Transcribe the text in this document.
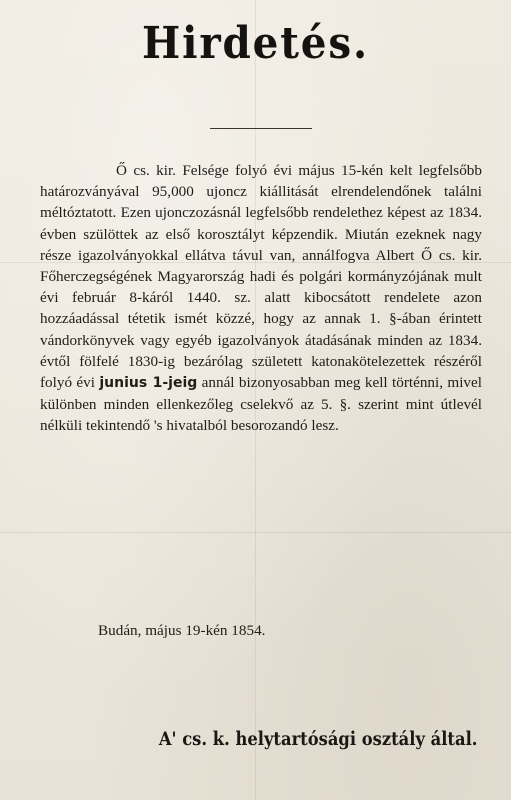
Hirdetés.
Ő cs. kir. Felsége folyó évi május 15-kén kelt legfelsőbb határozványával 95,000 ujoncz kiállitását elrendelendőnek találni méltóztatott. Ezen ujonczozásnál legfelsőbb rendelethez képest az 1834. évben szülöttek az első korosztályt képzendik. Miután ezeknek nagy része igazolványokkal ellátva távul van, annálfogva Albert Ő cs. kir. Főherczegségének Magyarország hadi és polgári kormányzójának mult évi február 8-káról 1440. sz. alatt kibocsátott rendelete azon hozzáadással tétetik ismét közzé, hogy az annak 1. §-ában érintett vándorkönyvek vagy egyéb igazolványok átadásának minden az 1834. évtől fölfelé 1830-ig bezárólag született katonakötelezettek részéről folyó évi junius 1-jeig annál bizonyosabban meg kell történni, mivel különben minden ellenkezőleg cselekvő az 5. §. szerint mint útlevél nélküli tekintendő 's hivatalból besorozandó lesz.
Budán, május 19-kén 1854.
A' cs. k. helytartósági osztály által.
